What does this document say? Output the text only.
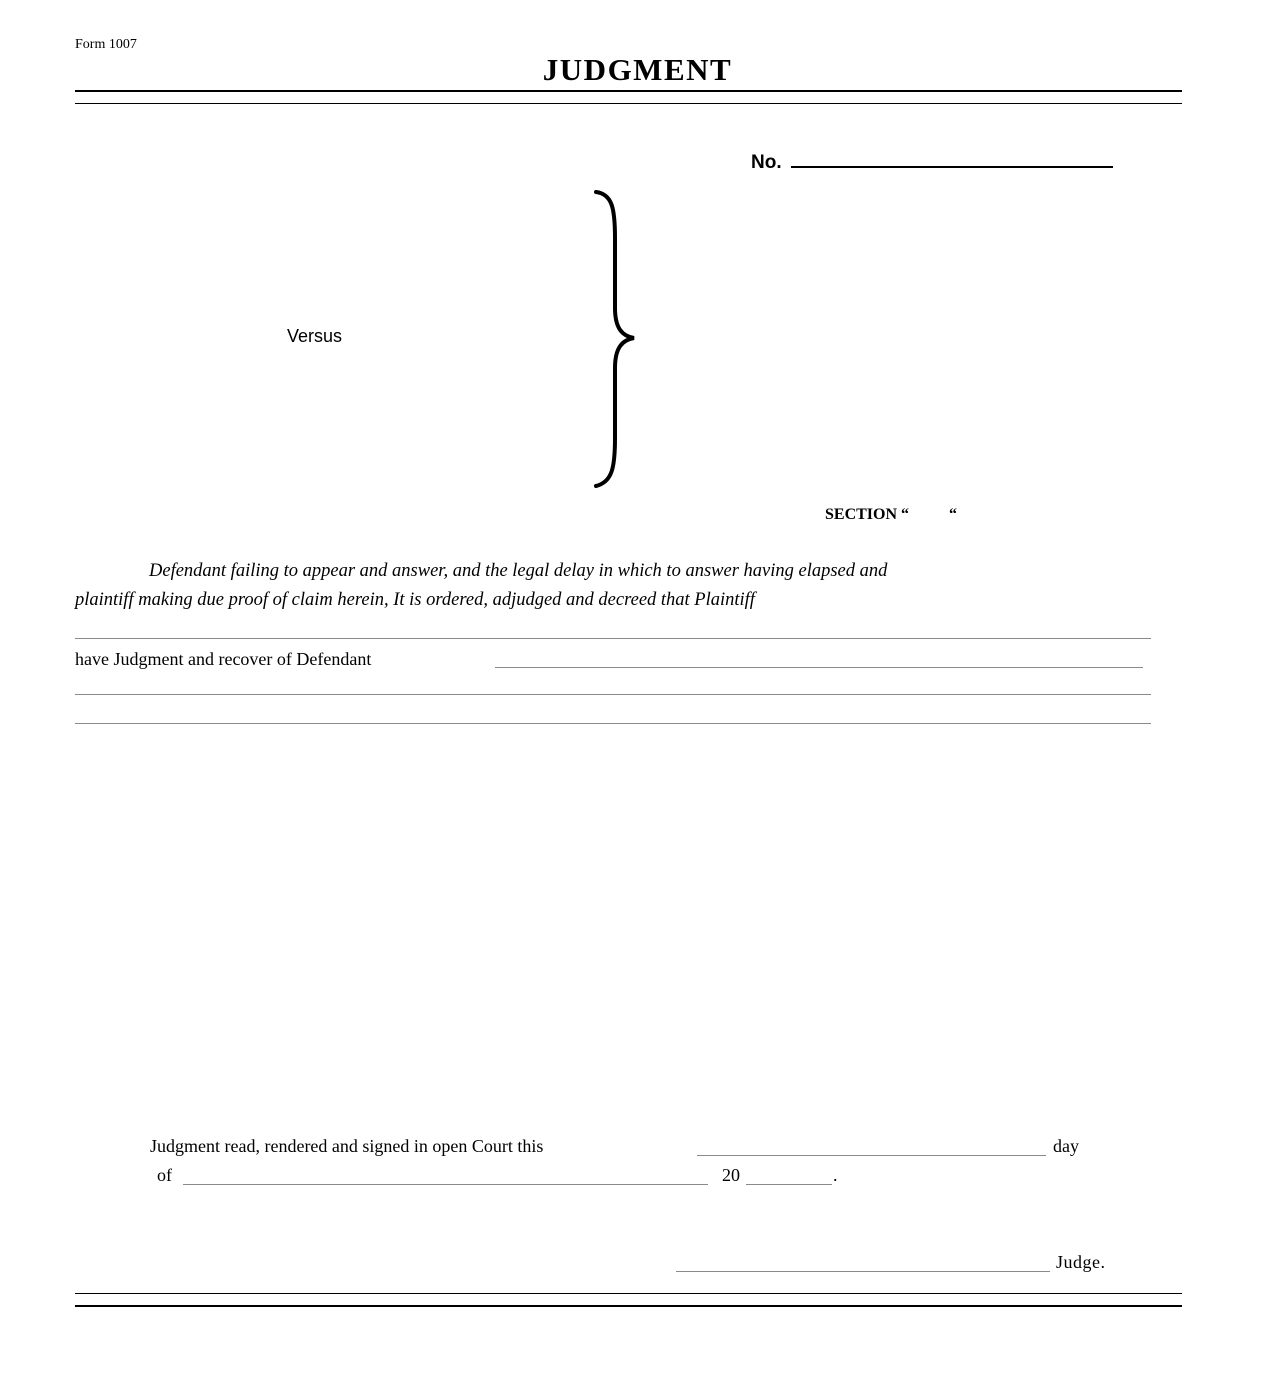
Form 1007
JUDGMENT
No.
Versus
SECTION “          “
Defendant failing to appear and answer, and the legal delay in which to answer having elapsed and
plaintiff making due proof of claim herein, It is ordered, adjudged and decreed that Plaintiff
have Judgment and recover of Defendant
Judgment read, rendered and signed in open Court this	day
of	20	.
Judge.
